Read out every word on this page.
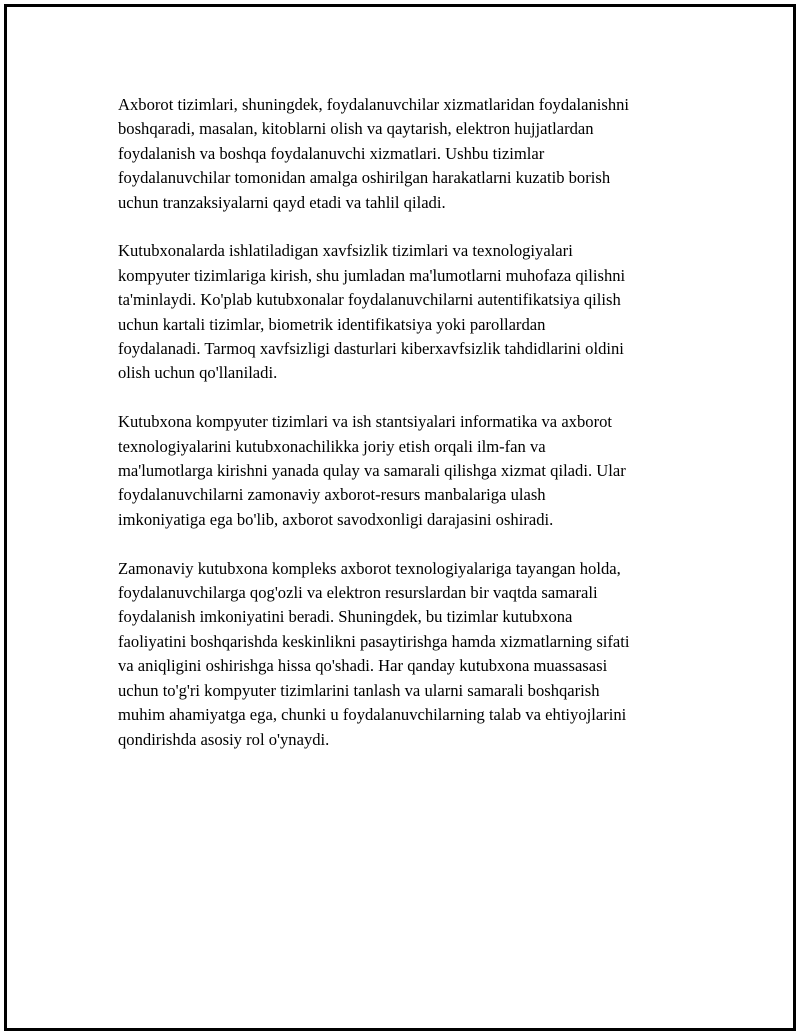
Axborot tizimlari, shuningdek, foydalanuvchilar xizmatlaridan foydalanishni
boshqaradi, masalan, kitoblarni olish va qaytarish, elektron hujjatlardan
foydalanish va boshqa foydalanuvchi xizmatlari. Ushbu tizimlar
foydalanuvchilar tomonidan amalga oshirilgan harakatlarni kuzatib borish
uchun tranzaksiyalarni qayd etadi va tahlil qiladi.

Kutubxonalarda ishlatiladigan xavfsizlik tizimlari va texnologiyalari
kompyuter tizimlariga kirish, shu jumladan ma'lumotlarni muhofaza qilishni
ta'minlaydi. Ko'plab kutubxonalar foydalanuvchilarni autentifikatsiya qilish
uchun kartali tizimlar, biometrik identifikatsiya yoki parollardan
foydalanadi. Tarmoq xavfsizligi dasturlari kiberxavfsizlik tahdidlarini oldini
olish uchun qo'llaniladi.

Kutubxona kompyuter tizimlari va ish stantsiyalari informatika va axborot
texnologiyalarini kutubxonachilikka joriy etish orqali ilm-fan va
ma'lumotlarga kirishni yanada qulay va samarali qilishga xizmat qiladi. Ular
foydalanuvchilarni zamonaviy axborot-resurs manbalariga ulash
imkoniyatiga ega bo'lib, axborot savodxonligi darajasini oshiradi.

Zamonaviy kutubxona kompleks axborot texnologiyalariga tayangan holda,
foydalanuvchilarga qog'ozli va elektron resurslardan bir vaqtda samarali
foydalanish imkoniyatini beradi. Shuningdek, bu tizimlar kutubxona
faoliyatini boshqarishda keskinlikni pasaytirishga hamda xizmatlarning sifati
va aniqligini oshirishga hissa qo'shadi. Har qanday kutubxona muassasasi
uchun to'g'ri kompyuter tizimlarini tanlash va ularni samarali boshqarish
muhim ahamiyatga ega, chunki u foydalanuvchilarning talab va ehtiyojlarini
qondirishda asosiy rol o'ynaydi.
